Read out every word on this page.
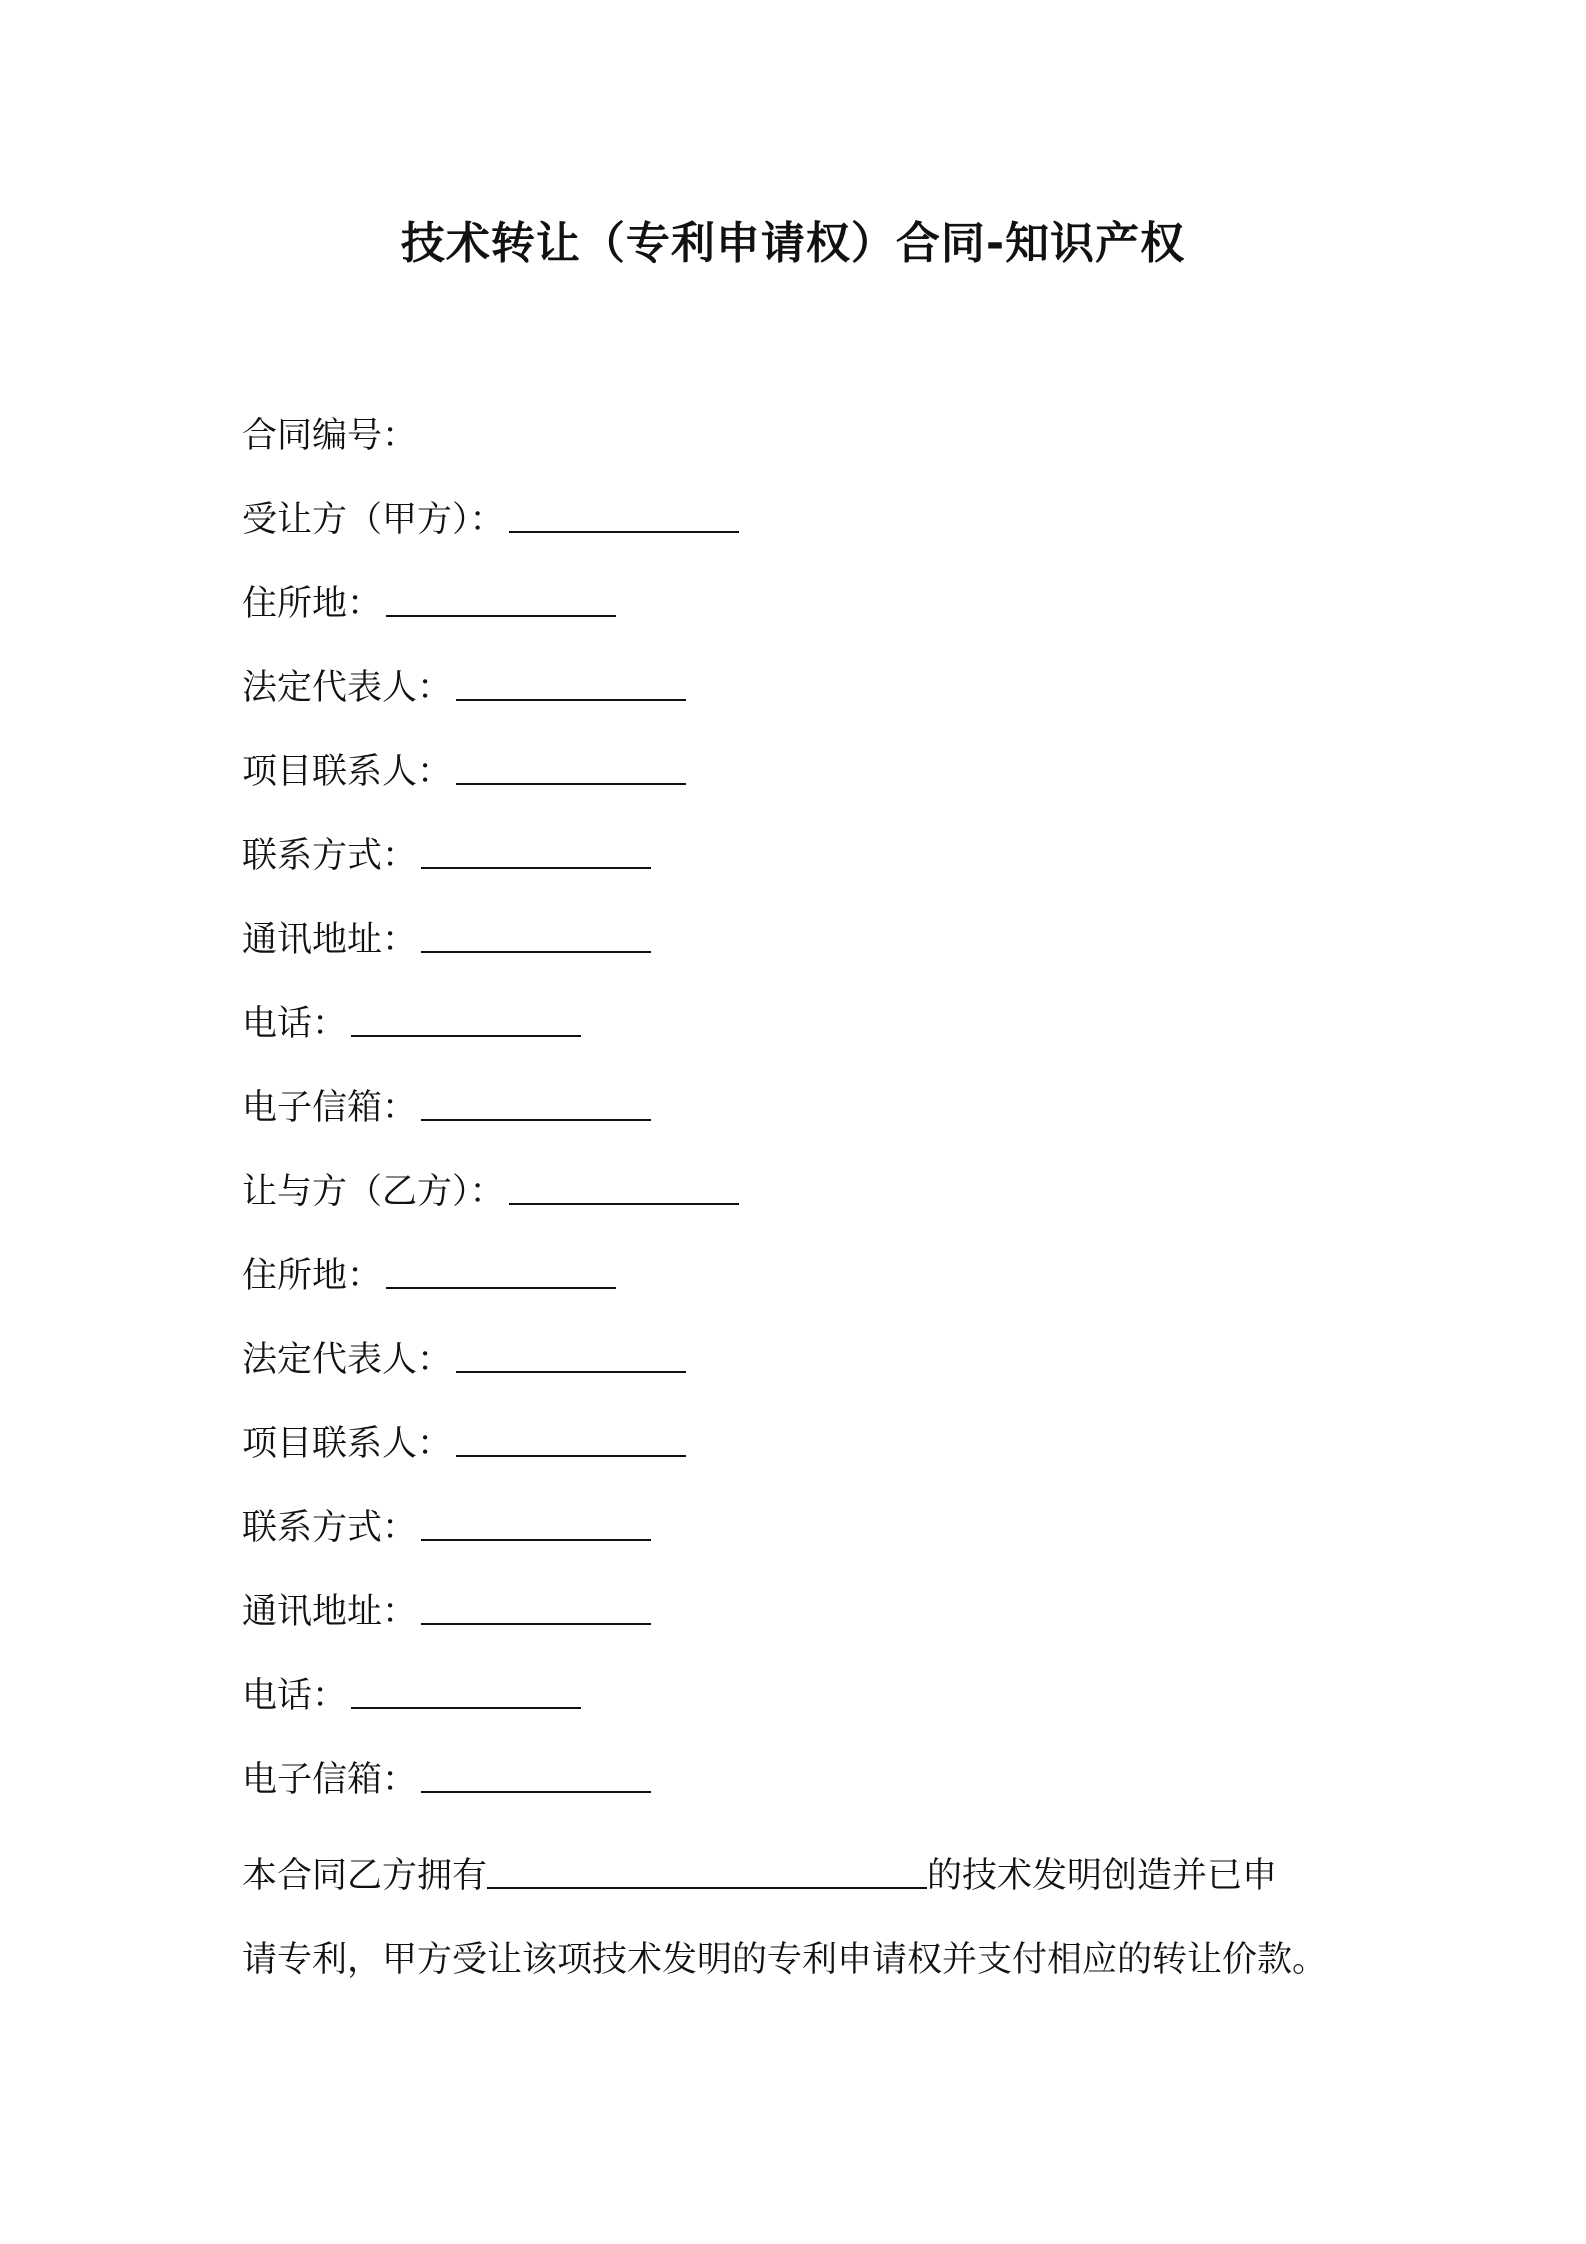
技术转让（专利申请权）合同-知识产权
合同编号：
受让方（甲方）：
住所地：
法定代表人：
项目联系人：
联系方式：
通讯地址：
电话：
电子信箱：
让与方（乙方）：
住所地：
法定代表人：
项目联系人：
联系方式：
通讯地址：
电话：
电子信箱：
本合同乙方拥有	的技术发明创造并已申
请专利，甲方受让该项技术发明的专利申请权并支付相应的转让价款。
